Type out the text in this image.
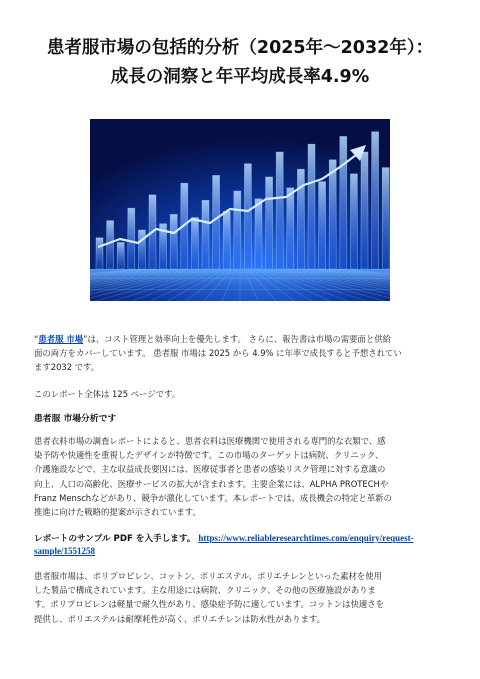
患者服市場の包括的分析（2025年〜2032年）：
成長の洞察と年平均成長率4.9%

“患者服 市場”は、コスト管理と効率向上を優先します。 さらに、報告書は市場の需要面と供給
面の両方をカバーしています。 患者服 市場は 2025 から 4.9% に年率で成長すると予想されてい
ます2032 です。

このレポート全体は 125 ページです。

患者服 市場分析です

患者衣料市場の調査レポートによると、患者衣料は医療機関で使用される専門的な衣類で、感
染予防や快適性を重視したデザインが特徴です。この市場のターゲットは病院、クリニック、
介護施設などで、主な収益成長要因には、医療従事者と患者の感染リスク管理に対する意識の
向上、人口の高齢化、医療サービスの拡大が含まれます。主要企業には、ALPHA PROTECHや
Franz Menschなどがあり、競争が激化しています。本レポートでは、成長機会の特定と革新の
推進に向けた戦略的提案が示されています。

レポートのサンプル PDF を入手します。 https://www.reliableresearchtimes.com/enquiry/request-
sample/1551258

患者服市場は、ポリプロピレン、コットン、ポリエステル、ポリエチレンといった素材を使用
した製品で構成されています。主な用途には病院、クリニック、その他の医療施設がありま
す。ポリプロピレンは軽量で耐久性があり、感染症予防に適しています。コットンは快適さを
提供し、ポリエステルは耐摩耗性が高く、ポリエチレンは防水性があります。
